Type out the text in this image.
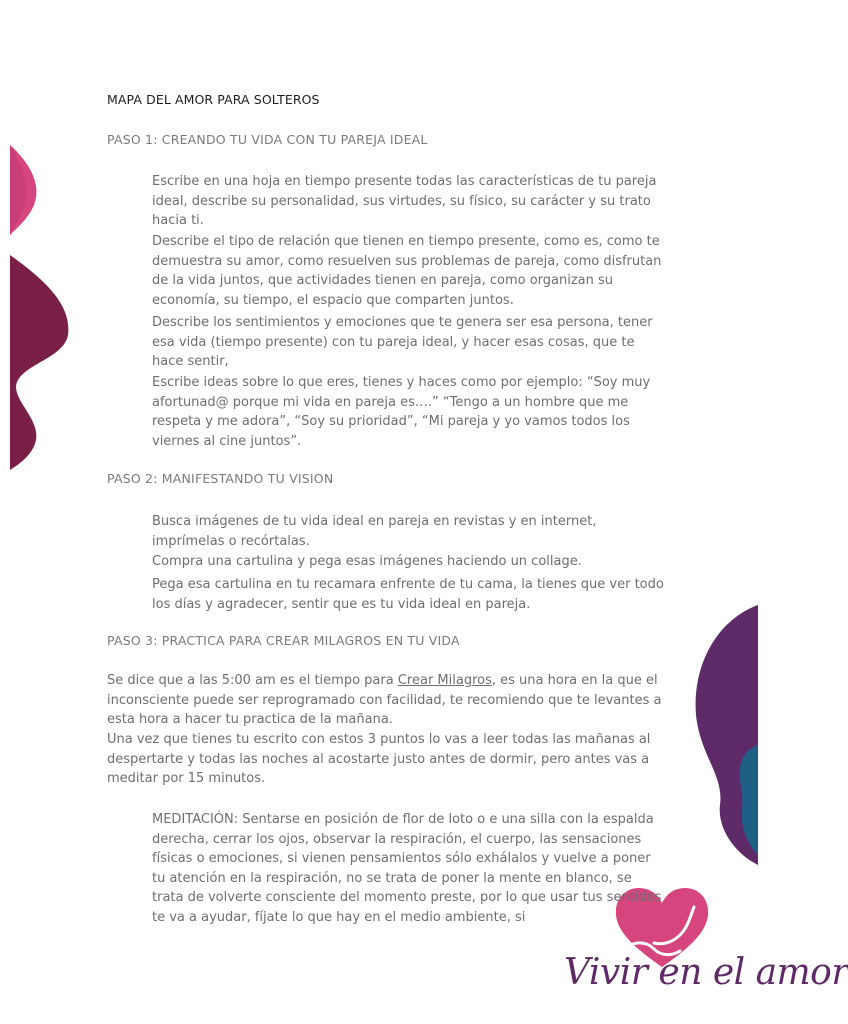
Vivir en el amor
MAPA DEL AMOR PARA SOLTEROS
PASO 1: CREANDO TU VIDA CON TU PAREJA IDEAL

Escribe en una hoja en tiempo presente todas las características de tu pareja ideal, describe su personalidad, sus virtudes, su físico, su carácter y su trato hacia ti.

Describe el tipo de relación que tienen en tiempo presente, como es, como te demuestra su amor, como resuelven sus problemas de pareja, como disfrutan de la vida juntos, que actividades tienen en pareja, como organizan su economía, su tiempo, el espacio que comparten juntos.

Describe los sentimientos y emociones que te genera ser esa persona, tener esa vida (tiempo presente) con tu pareja ideal, y hacer esas cosas, que te hace sentir,

Escribe ideas sobre lo que eres, tienes y haces como por ejemplo: “Soy muy afortunad@ porque mi vida en pareja es….” “Tengo a un hombre que me respeta y me adora”, “Soy su prioridad”, “Mi pareja y yo vamos todos los viernes al cine juntos”.

PASO 2: MANIFESTANDO TU VISION

Busca imágenes de tu vida ideal en pareja en revistas y en internet, imprímelas o recórtalas.

Compra una cartulina y pega esas imágenes haciendo un collage.

Pega esa cartulina en tu recamara enfrente de tu cama, la tienes que ver todo los días y agradecer, sentir que es tu vida ideal en pareja.

PASO 3: PRACTICA PARA CREAR MILAGROS EN TU VIDA

Se dice que a las 5:00 am es el tiempo para Crear Milagros, es una hora en la que el inconsciente puede ser reprogramado con facilidad, te recomiendo que te levantes a esta hora a hacer tu practica de la mañana.

Una vez que tienes tu escrito con estos 3 puntos lo vas a leer todas las mañanas al despertarte y todas las noches al acostarte justo antes de dormir, pero antes vas a meditar por 15 minutos.

MEDITACIÓN: Sentarse en posición de flor de loto o e una silla con la espalda derecha, cerrar los ojos, observar la respiración, el cuerpo, las sensaciones físicas o emociones, si vienen pensamientos sólo exhálalos y vuelve a poner tu atención en la respiración, no se trata de poner la mente en blanco, se trata de volverte consciente del momento preste, por lo que usar tus sentidos te va a ayudar, fíjate lo que hay en el medio ambiente, si
